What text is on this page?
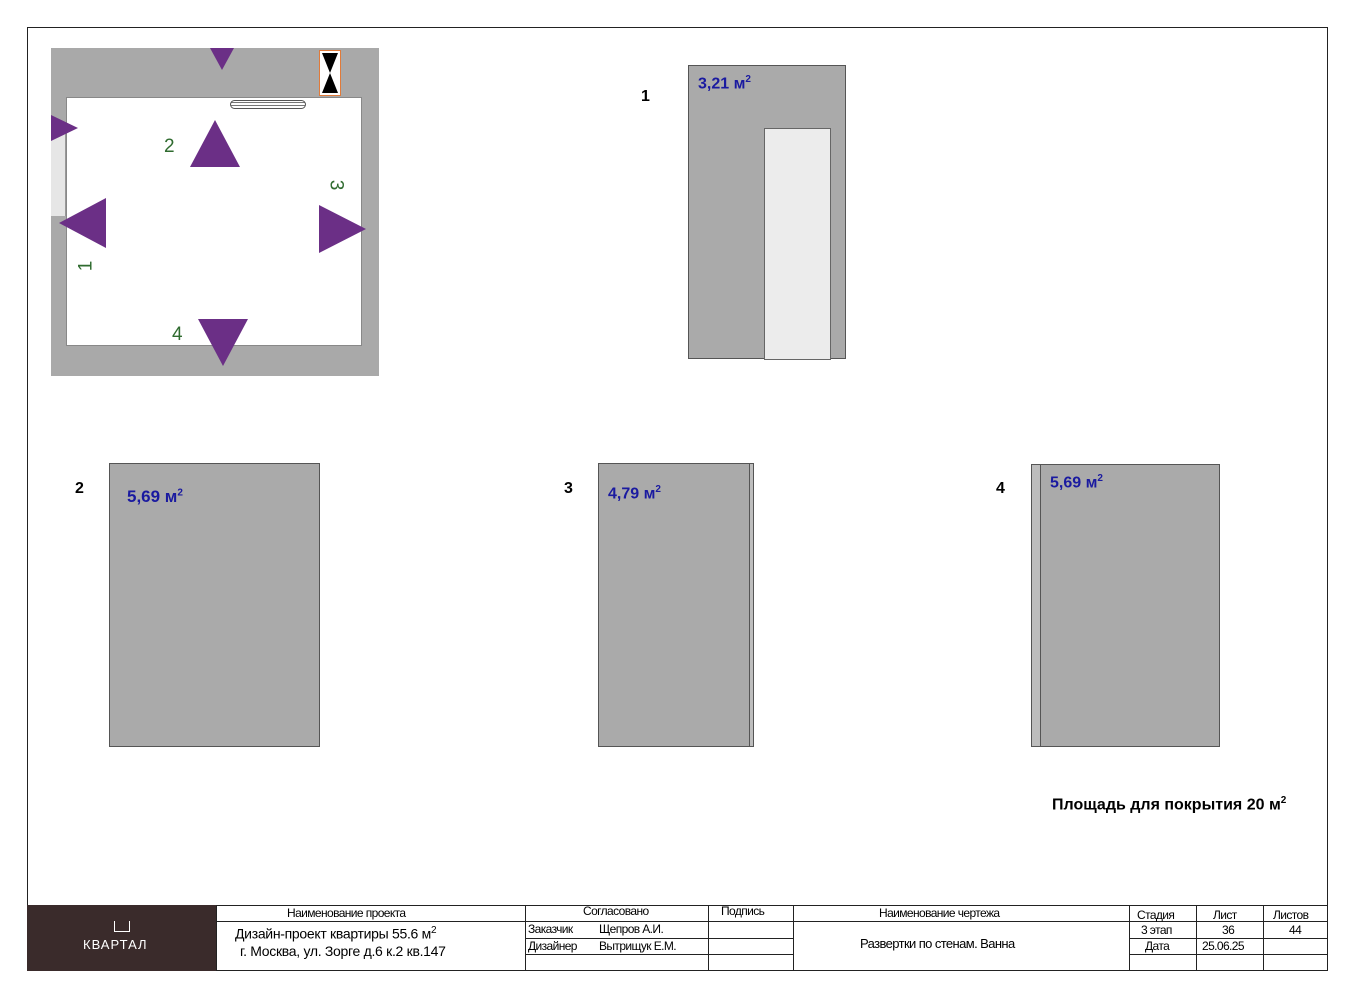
1
2
3
4
1
3,21 $м^2$
2	5,69 $м^2$	3 4,79 $м^2$	4	5,69 $м^2$
Площадь для покрытия 20 $м^2$
КВАРТАЛ
Наименование проекта
Дизайн-проект квартиры 55.6 $м^2$
г. Москва, ул. Зорге д.6 к.2 кв.147
Согласовано	Подпись
Заказчик Щепров А.И.
Дизайнер Вытрищук Е.М.
Наименование чертежа
Развертки по стенам. Ванна
Стадия	Лист	Листов
3 этап	36	44
Дата	25.06.25
